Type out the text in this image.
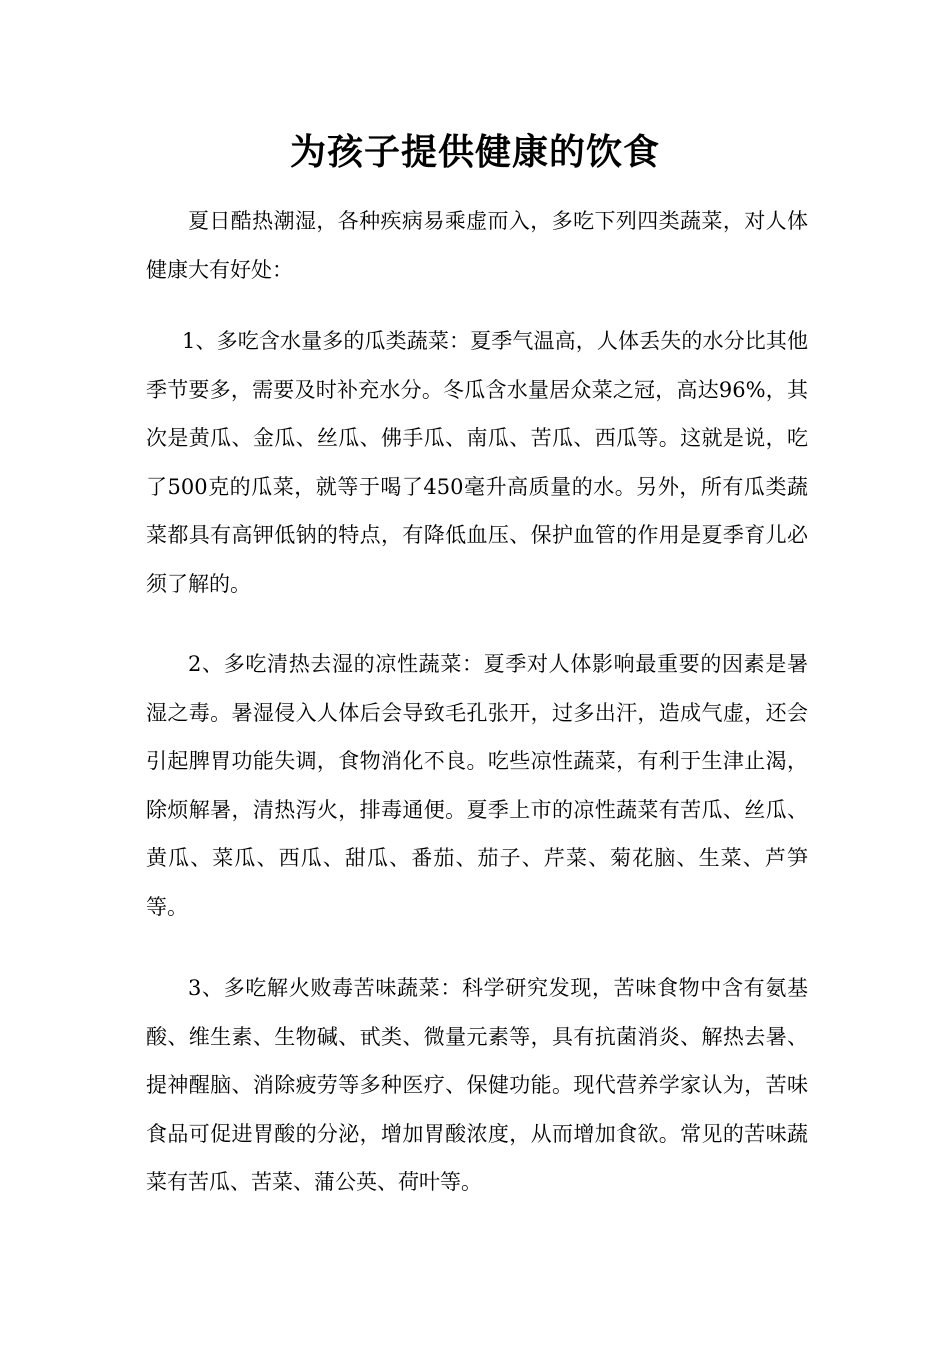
为孩子提供健康的饮食

夏日酷热潮湿，各种疾病易乘虚而入，多吃下列四类蔬菜，对人体健康大有好处：

1、多吃含水量多的瓜类蔬菜：夏季气温高，人体丢失的水分比其他季节要多，需要及时补充水分。冬瓜含水量居众菜之冠，高达96%，其次是黄瓜、金瓜、丝瓜、佛手瓜、南瓜、苦瓜、西瓜等。这就是说，吃了500克的瓜菜，就等于喝了450毫升高质量的水。另外，所有瓜类蔬菜都具有高钾低钠的特点，有降低血压、保护血管的作用是夏季育儿必须了解的。

2、多吃清热去湿的凉性蔬菜：夏季对人体影响最重要的因素是暑湿之毒。暑湿侵入人体后会导致毛孔张开，过多出汗，造成气虚，还会引起脾胃功能失调，食物消化不良。吃些凉性蔬菜，有利于生津止渴，除烦解暑，清热泻火，排毒通便。夏季上市的凉性蔬菜有苦瓜、丝瓜、黄瓜、菜瓜、西瓜、甜瓜、番茄、茄子、芹菜、菊花脑、生菜、芦笋等。

3、多吃解火败毒苦味蔬菜：科学研究发现，苦味食物中含有氨基酸、维生素、生物碱、甙类、微量元素等，具有抗菌消炎、解热去暑、提神醒脑、消除疲劳等多种医疗、保健功能。现代营养学家认为，苦味食品可促进胃酸的分泌，增加胃酸浓度，从而增加食欲。常见的苦味蔬菜有苦瓜、苦菜、蒲公英、荷叶等。
